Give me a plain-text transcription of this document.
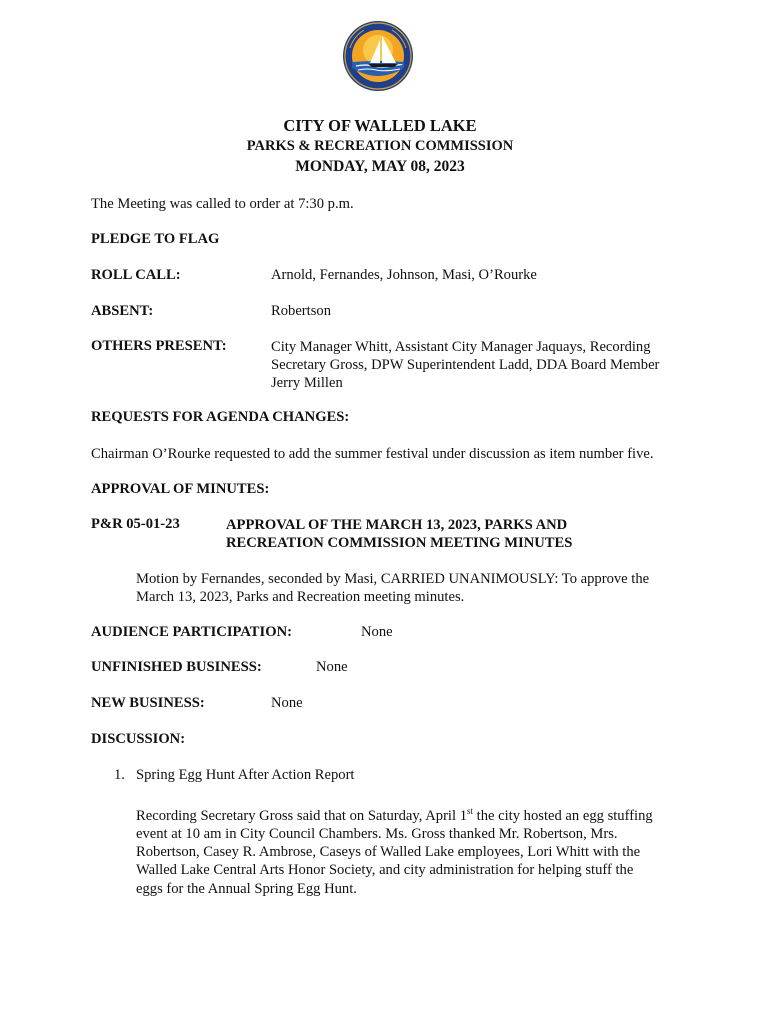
CITY OF WALLED LAKE
PARKS & RECREATION COMMISSION
MONDAY, MAY 08, 2023
The Meeting was called to order at 7:30 p.m.
PLEDGE TO FLAG
ROLL CALL:	Arnold, Fernandes, Johnson, Masi, O’Rourke
ABSENT:	Robertson
OTHERS PRESENT:	City Manager Whitt, Assistant City Manager Jaquays, Recording
Secretary Gross, DPW Superintendent Ladd, DDA Board Member
Jerry Millen
REQUESTS FOR AGENDA CHANGES:
Chairman O’Rourke requested to add the summer festival under discussion as item number five.
APPROVAL OF MINUTES:
P&R 05-01-23	APPROVAL OF THE MARCH 13, 2023, PARKS AND
RECREATION COMMISSION MEETING MINUTES
Motion by Fernandes, seconded by Masi, CARRIED UNANIMOUSLY: To approve the
March 13, 2023, Parks and Recreation meeting minutes.
AUDIENCE PARTICIPATION:	None
UNFINISHED BUSINESS:	None
NEW BUSINESS:	None
DISCUSSION:
1. Spring Egg Hunt After Action Report
Recording Secretary Gross said that on Saturday, April 1st the city hosted an egg stuffing
event at 10 am in City Council Chambers. Ms. Gross thanked Mr. Robertson, Mrs.
Robertson, Casey R. Ambrose, Caseys of Walled Lake employees, Lori Whitt with the
Walled Lake Central Arts Honor Society, and city administration for helping stuff the
eggs for the Annual Spring Egg Hunt.
